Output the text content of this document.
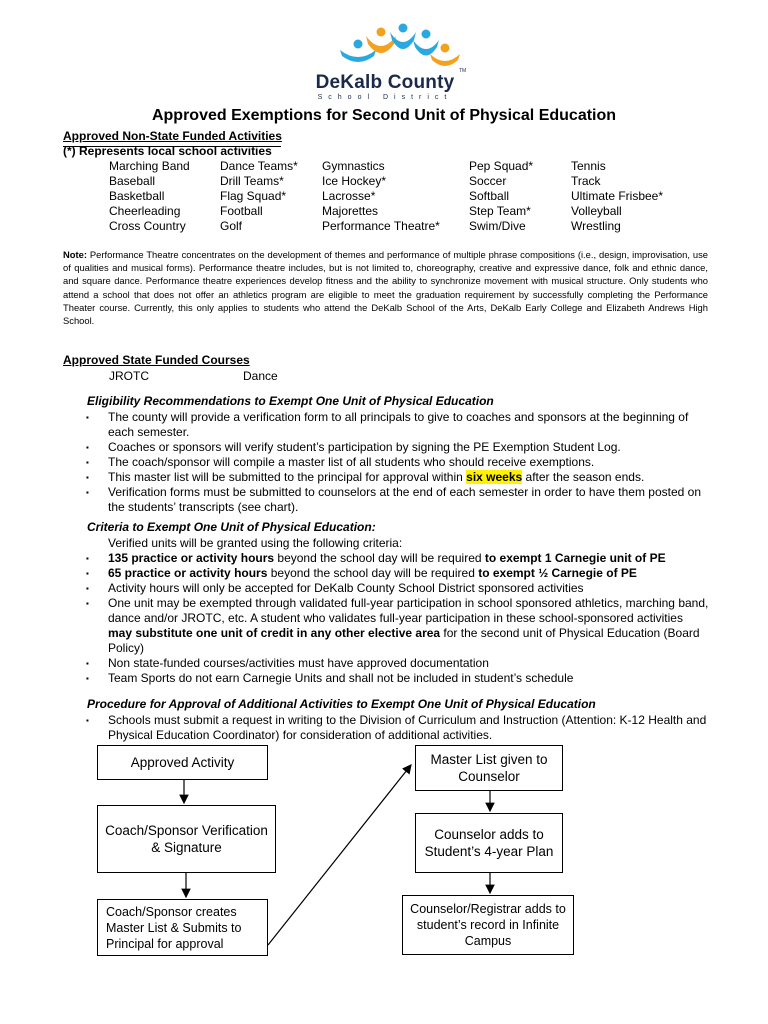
DeKalb County
TM
School District
Approved Exemptions for Second Unit of Physical Education
Approved Non-State Funded Activities
(*) Represents local school activities
Marching Band
Baseball
Basketball
Cheerleading
Cross Country
Dance Teams*
Drill Teams*
Flag Squad*
Football
Golf
Gymnastics
Ice Hockey*
Lacrosse*
Majorettes
Performance Theatre*
Pep Squad*
Soccer
Softball
Step Team*
Swim/Dive
Tennis
Track
Ultimate Frisbee*
Volleyball
Wrestling
Note: Performance Theatre concentrates on the development of themes and performance of multiple phrase compositions (i.e., design, improvisation, use of qualities and musical forms). Performance theatre includes, but is not limited to, choreography, creative and expressive dance, folk and ethnic dance, and square dance. Performance theatre experiences develop fitness and the ability to synchronize movement with musical structure. Only students who attend a school that does not offer an athletics program are eligible to meet the graduation requirement by successfully completing the Performance Theater course. Currently, this only applies to students who attend the DeKalb School of the Arts, DeKalb Early College and Elizabeth Andrews High School.
Approved State Funded Courses
JROTC	Dance
Eligibility Recommendations to Exempt One Unit of Physical Education
▪ The county will provide a verification form to all principals to give to coaches and sponsors at the beginning of each semester.
▪ Coaches or sponsors will verify student’s participation by signing the PE Exemption Student Log.
▪ The coach/sponsor will compile a master list of all students who should receive exemptions.
▪ This master list will be submitted to the principal for approval within six weeks after the season ends.
▪ Verification forms must be submitted to counselors at the end of each semester in order to have them posted on the students’ transcripts (see chart).
Criteria to Exempt One Unit of Physical Education:
Verified units will be granted using the following criteria:
▪ 135 practice or activity hours beyond the school day will be required to exempt 1 Carnegie unit of PE
▪ 65 practice or activity hours beyond the school day will be required to exempt ½ Carnegie of PE
▪ Activity hours will only be accepted for DeKalb County School District sponsored activities
▪ One unit may be exempted through validated full-year participation in school sponsored athletics, marching band, dance and/or JROTC, etc. A student who validates full-year participation in these school-sponsored activities may substitute one unit of credit in any other elective area for the second unit of Physical Education (Board Policy)
▪ Non state-funded courses/activities must have approved documentation
▪ Team Sports do not earn Carnegie Units and shall not be included in student’s schedule
Procedure for Approval of Additional Activities to Exempt One Unit of Physical Education
▪ Schools must submit a request in writing to the Division of Curriculum and Instruction (Attention: K-12 Health and Physical Education Coordinator) for consideration of additional activities.
Approved Activity
Coach/Sponsor Verification & Signature
Coach/Sponsor creates Master List & Submits to Principal for approval
Master List given to Counselor
Counselor adds to Student’s 4-year Plan
Counselor/Registrar adds to student’s record in Infinite Campus
